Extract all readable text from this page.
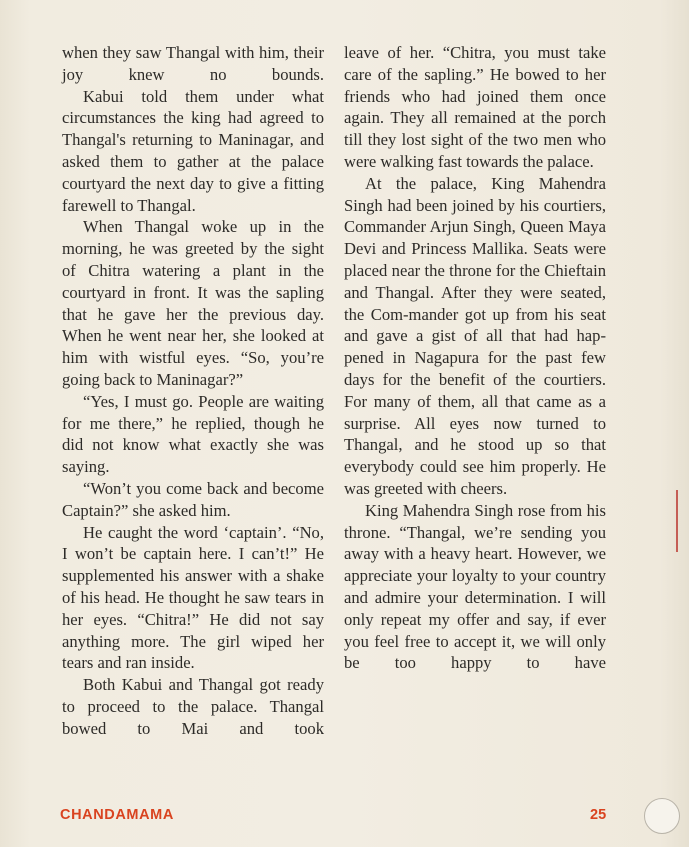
when they saw Thangal with him, their joy knew no bounds.

Kabui told them under what circumstances the king had agreed to Thangal's returning to Maninagar, and asked them to gather at the palace courtyard the next day to give a fitting farewell to Thangal.

When Thangal woke up in the morning, he was greeted by the sight of Chitra watering a plant in the courtyard in front. It was the sapling that he gave her the previous day. When he went near her, she looked at him with wistful eyes. “So, you’re going back to Maninagar?”

“Yes, I must go. People are waiting for me there,” he replied, though he did not know what exactly she was saying.

“Won’t you come back and become Captain?” she asked him.

He caught the word ‘captain’. “No, I won’t be captain here. I can’t!” He supplemented his answer with a shake of his head. He thought he saw tears in her eyes. “Chitra!” He did not say anything more. The girl wiped her tears and ran inside.

Both Kabui and Thangal got ready to proceed to the palace. Thangal bowed to Mai and took

leave of her. “Chitra, you must take care of the sapling.” He bowed to her friends who had joined them once again. They all remained at the porch till they lost sight of the two men who were walking fast towards the palace.

At the palace, King Mahendra Singh had been joined by his courtiers, Commander Arjun Singh, Queen Maya Devi and Princess Mallika. Seats were placed near the throne for the Chieftain and Thangal. After they were seated, the Com-mander got up from his seat and gave a gist of all that had hap-pened in Nagapura for the past few days for the benefit of the courtiers. For many of them, all that came as a surprise. All eyes now turned to Thangal, and he stood up so that everybody could see him properly. He was greeted with cheers.

King Mahendra Singh rose from his throne. “Thangal, we’re sending you away with a heavy heart. However, we appreciate your loyalty to your country and admire your determination. I will only repeat my offer and say, if ever you feel free to accept it, we will only be too happy to have

CHANDAMAMA	25
